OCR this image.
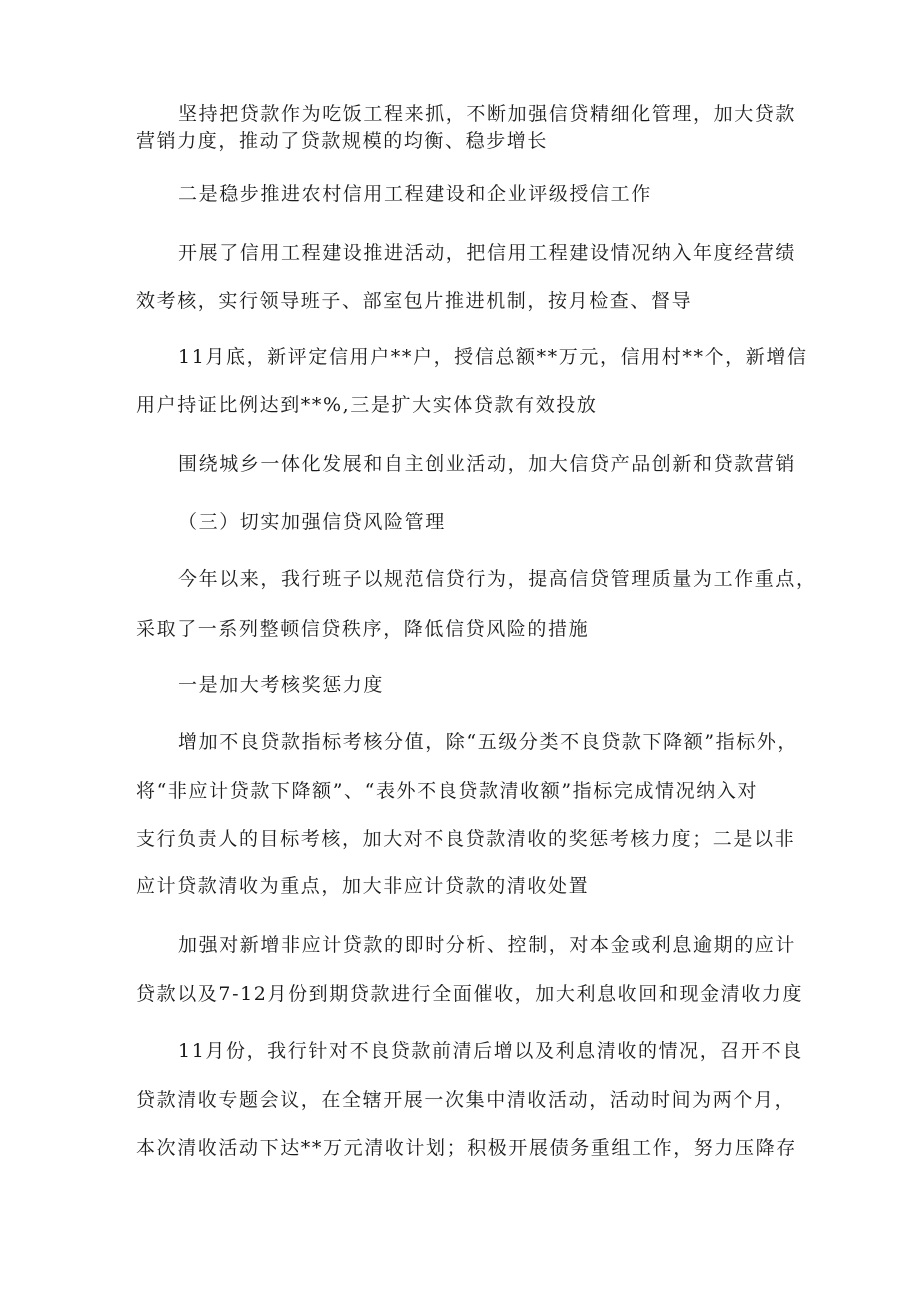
坚持把贷款作为吃饭工程来抓，不断加强信贷精细化管理，加大贷款
营销力度，推动了贷款规模的均衡、稳步增长
二是稳步推进农村信用工程建设和企业评级授信工作
开展了信用工程建设推进活动，把信用工程建设情况纳入年度经营绩
效考核，实行领导班子、部室包片推进机制，按月检查、督导
11月底，新评定信用户**户，授信总额**万元，信用村**个，新增信
用户持证比例达到**%,三是扩大实体贷款有效投放
围绕城乡一体化发展和自主创业活动，加大信贷产品创新和贷款营销
（三）切实加强信贷风险管理
今年以来，我行班子以规范信贷行为，提高信贷管理质量为工作重点，
采取了一系列整顿信贷秩序，降低信贷风险的措施
一是加大考核奖惩力度
增加不良贷款指标考核分值，除“五级分类不良贷款下降额”指标外，
将“非应计贷款下降额”、“表外不良贷款清收额”指标完成情况纳入对
支行负责人的目标考核，加大对不良贷款清收的奖惩考核力度；二是以非
应计贷款清收为重点，加大非应计贷款的清收处置
加强对新增非应计贷款的即时分析、控制，对本金或利息逾期的应计
贷款以及7-12月份到期贷款进行全面催收，加大利息收回和现金清收力度
11月份，我行针对不良贷款前清后增以及利息清收的情况，召开不良
贷款清收专题会议，在全辖开展一次集中清收活动，活动时间为两个月，
本次清收活动下达**万元清收计划；积极开展债务重组工作，努力压降存
